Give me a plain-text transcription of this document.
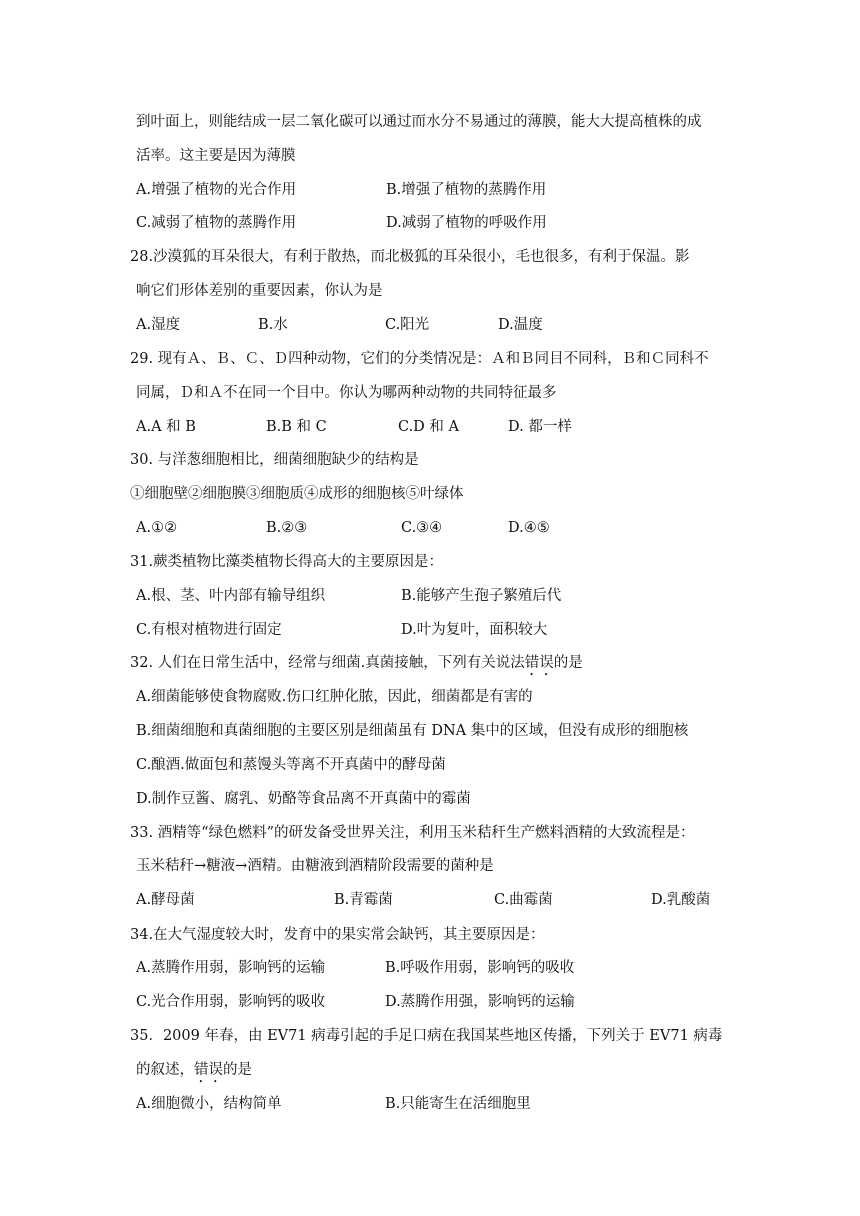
到叶面上，则能结成一层二氧化碳可以通过而水分不易通过的薄膜，能大大提高植株的成
活率。这主要是因为薄膜
A.增强了植物的光合作用	B.增强了植物的蒸腾作用
C.减弱了植物的蒸腾作用	D.减弱了植物的呼吸作用
28.沙漠狐的耳朵很大，有利于散热，而北极狐的耳朵很小，毛也很多，有利于保温。影
响它们形体差别的重要因素，你认为是
A.湿度	B.水	C.阳光	D.温度
29. 现有Ａ、Ｂ、Ｃ、Ｄ四种动物，它们的分类情况是：Ａ和Ｂ同目不同科，Ｂ和Ｃ同科不
同属，Ｄ和Ａ不在同一个目中。你认为哪两种动物的共同特征最多
A.A 和 B	B.B 和 C	C.D 和 A	D. 都一样
30. 与洋葱细胞相比，细菌细胞缺少的结构是
①细胞壁②细胞膜③细胞质④成形的细胞核⑤叶绿体
A.①②	B.②③	C.③④	D.④⑤
31.蕨类植物比藻类植物长得高大的主要原因是：
A.根、茎、叶内部有输导组织	B.能够产生孢子繁殖后代
C.有根对植物进行固定	D.叶为复叶，面积较大
32. 人们在日常生活中，经常与细菌.真菌接触，下列有关说法错误的是
A.细菌能够使食物腐败.伤口红肿化脓，因此，细菌都是有害的
B.细菌细胞和真菌细胞的主要区别是细菌虽有 DNA 集中的区域，但没有成形的细胞核
C.酿酒.做面包和蒸馒头等离不开真菌中的酵母菌
D.制作豆酱、腐乳、奶酪等食品离不开真菌中的霉菌
33. 酒精等“绿色燃料”的研发备受世界关注，利用玉米秸秆生产燃料酒精的大致流程是：
玉米秸秆→糖液→酒精。由糖液到酒精阶段需要的菌种是
A.酵母菌	B.青霉菌	C.曲霉菌	D.乳酸菌
34.在大气湿度较大时，发育中的果实常会缺钙，其主要原因是：
A.蒸腾作用弱，影响钙的运输	B.呼吸作用弱，影响钙的吸收
C.光合作用弱，影响钙的吸收	D.蒸腾作用强，影响钙的运输
35．2009 年春，由 EV71 病毒引起的手足口病在我国某些地区传播，下列关于 EV71 病毒
的叙述，错误的是
A.细胞微小，结构简单	B.只能寄生在活细胞里
